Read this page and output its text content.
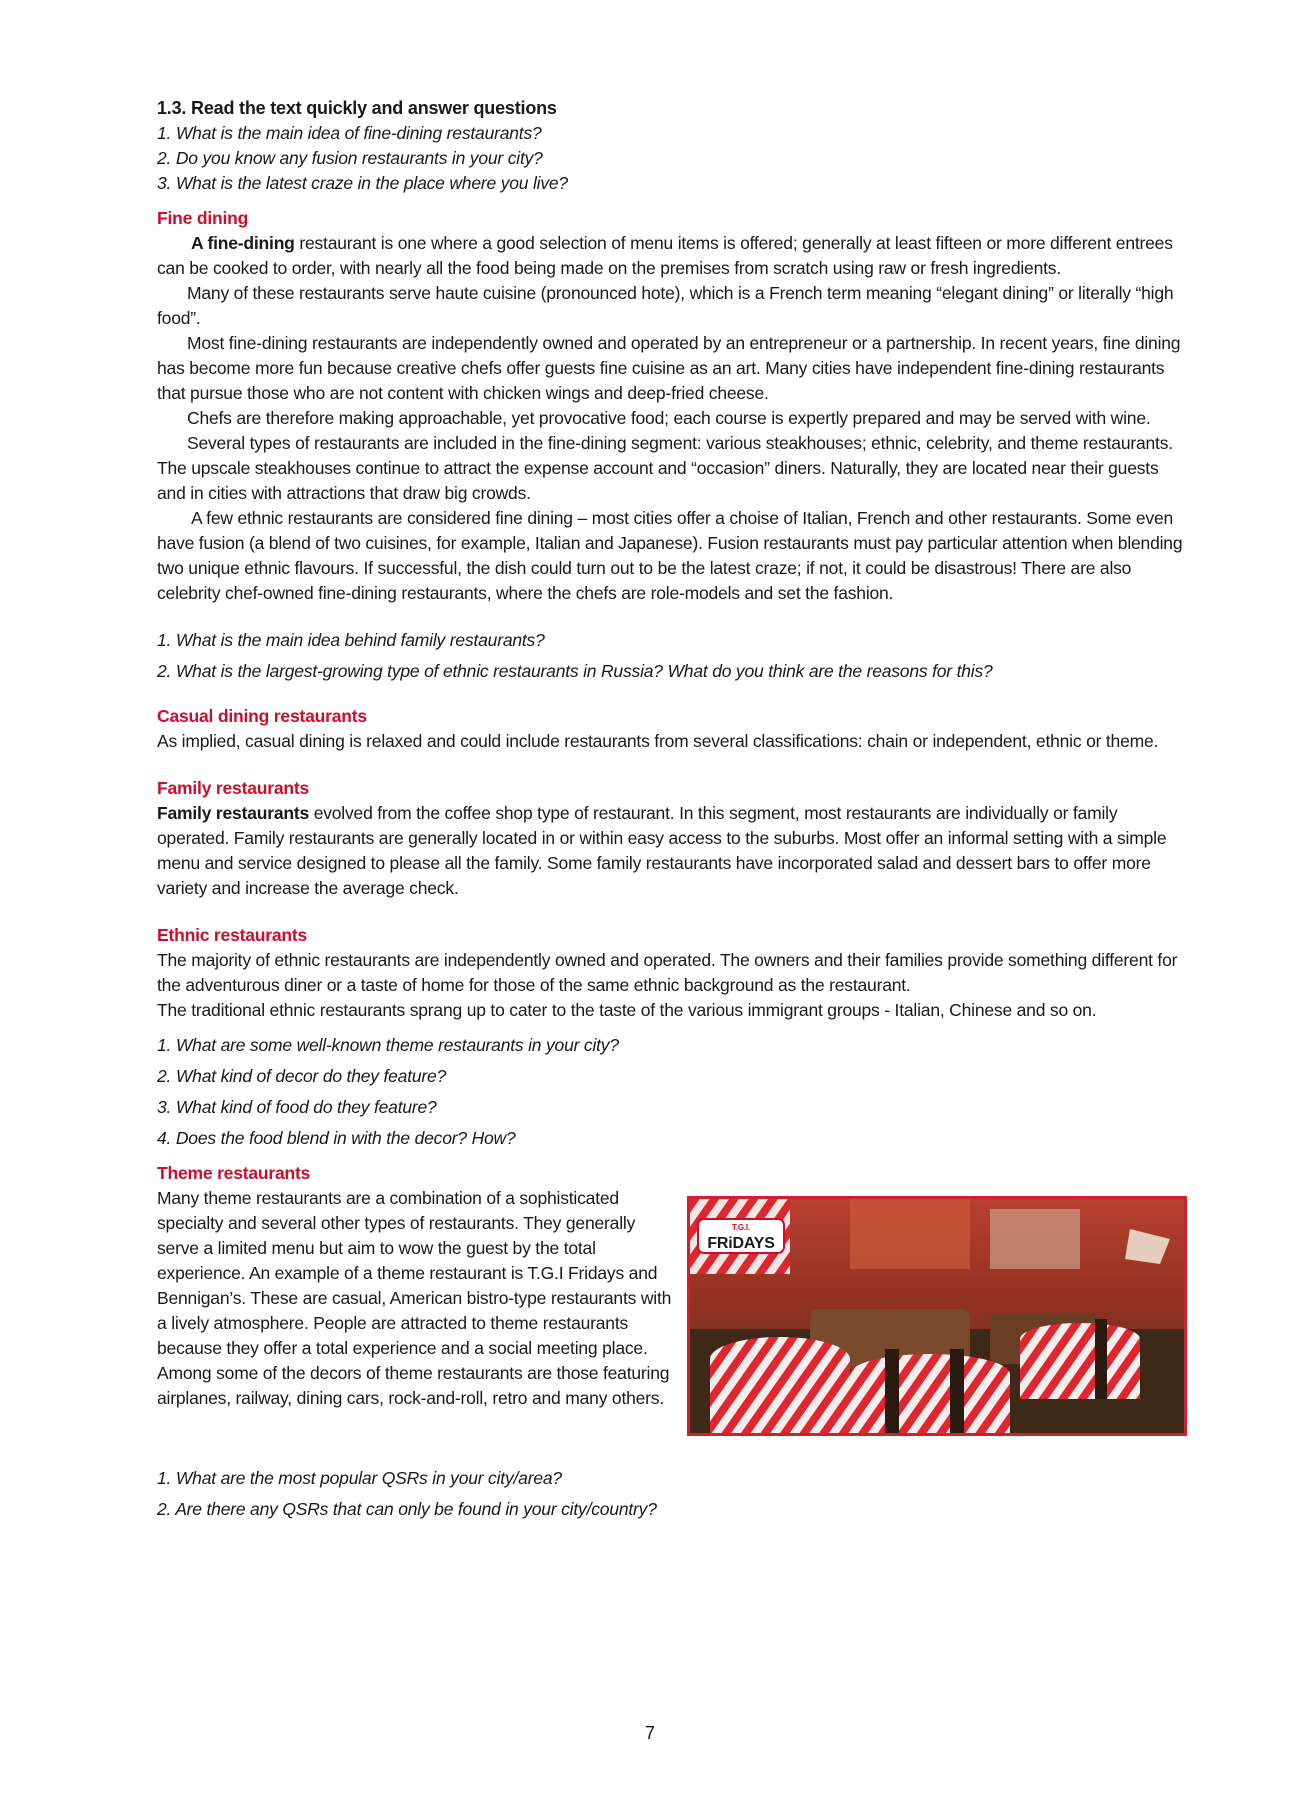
1.3. Read the text quickly and answer questions

1. What is the main idea of fine-dining restaurants?

2. Do you know any fusion restaurants in your city?

3. What is the latest craze in the place where you live?

Fine dining

A fine-dining restaurant is one where a good selection of menu items is offered; generally at least fifteen or more different entrees can be cooked to order, with nearly all the food being made on the premises from scratch using raw or fresh ingredients.

Many of these restaurants serve haute cuisine (pronounced hote), which is a French term meaning “elegant dining” or literally “high food”.

Most fine-dining restaurants are independently owned and operated by an entrepreneur or a partnership. In recent years, fine dining has become more fun because creative chefs offer guests fine cuisine as an art. Many cities have independent fine-dining restaurants that pursue those who are not content with chicken wings and deep-fried cheese.

Chefs are therefore making approachable, yet provocative food; each course is expertly prepared and may be served with wine.

Several types of restaurants are included in the fine-dining segment: various steakhouses; ethnic, celebrity, and theme restaurants. The upscale steakhouses continue to attract the expense account and “occasion” diners. Naturally, they are located near their guests and in cities with attractions that draw big crowds.

A few ethnic restaurants are considered fine dining – most cities offer a choise of Italian, French and other restaurants. Some even have fusion (a blend of two cuisines, for example, Italian and Japanese). Fusion restaurants must pay particular attention when blending two unique ethnic flavours. If successful, the dish could turn out to be the latest craze; if not, it could be disastrous! There are also celebrity chef-owned fine-dining restaurants, where the chefs are role-models and set the fashion.

1. What is the main idea behind family restaurants?

2. What is the largest-growing type of ethnic restaurants in Russia? What do you think are the reasons for this?

Casual dining restaurants

As implied, casual dining is relaxed and could include restaurants from several classifications: chain or independent, ethnic or theme.

Family restaurants

Family restaurants evolved from the coffee shop type of restaurant. In this segment, most restaurants are individually or family operated. Family restaurants are generally located in or within easy access to the suburbs. Most offer an informal setting with a simple menu and service designed to please all the family. Some family restaurants have incorporated salad and dessert bars to offer more variety and increase the average check.

Ethnic restaurants

The majority of ethnic restaurants are independently owned and operated. The owners and their families provide something different for the adventurous diner or a taste of home for those of the same ethnic background as the restaurant.

The traditional ethnic restaurants sprang up to cater to the taste of the various immigrant groups - Italian, Chinese and so on.

1. What are some well-known theme restaurants in your city?

2. What kind of decor do they feature?

3. What kind of food do they feature?

4. Does the food blend in with the decor? How?

Theme restaurants

Many theme restaurants are a combination of a sophisticated specialty and several other types of restaurants. They generally serve a limited menu but aim to wow the guest by the total experience. An example of a theme restaurant is T.G.I Fridays and Bennigan’s. These are casual, American bistro-type restaurants with a lively atmosphere. People are attracted to theme restaurants because they offer a total experience and a social meeting place. Among some of the decors of theme restaurants are those featuring airplanes, railway, dining cars, rock-and-roll, retro and many others.

T.G.I.
FRiDAYS

1. What are the most popular QSRs in your city/area?

2. Are there any QSRs that can only be found in your city/country?

7
